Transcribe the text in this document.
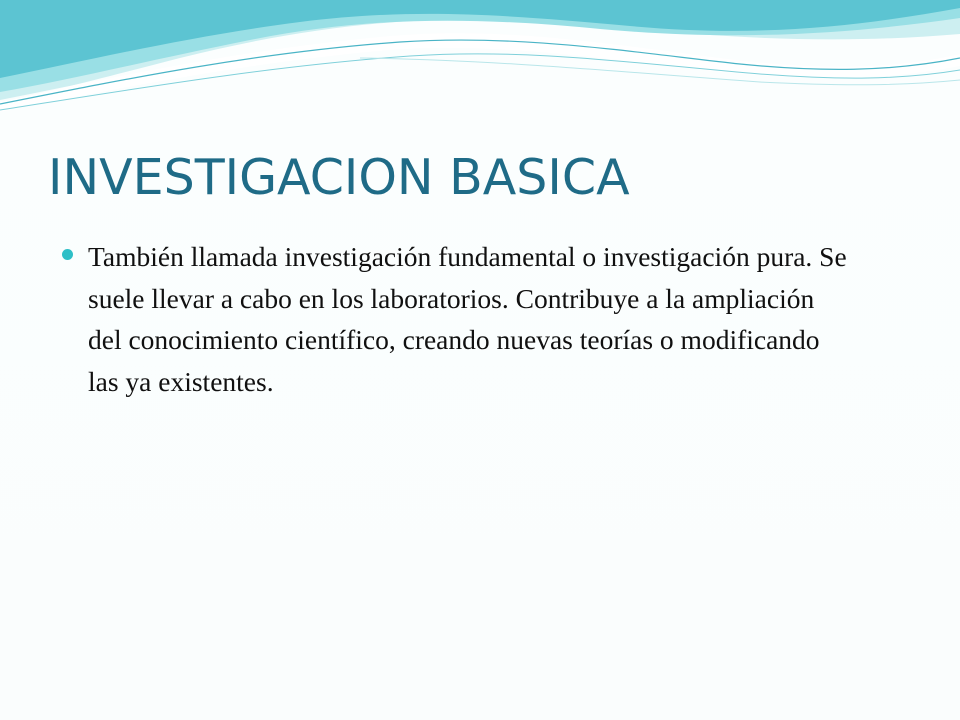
INVESTIGACION BASICA
También llamada investigación fundamental o investigación pura. Se suele llevar a cabo en los laboratorios. Contribuye a la ampliación del conocimiento científico, creando nuevas teorías o modificando las ya existentes.
